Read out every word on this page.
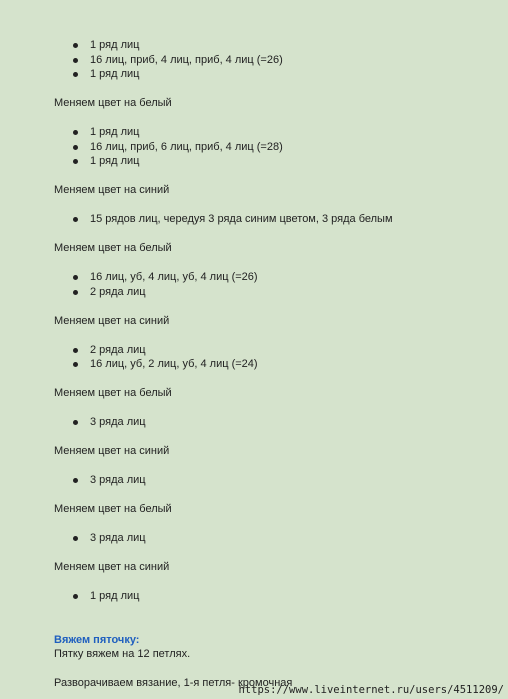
1 ряд лиц
16 лиц, приб, 4 лиц, приб, 4 лиц (=26)
1 ряд лиц
Меняем цвет на белый
1 ряд лиц
16 лиц, приб, 6 лиц, приб, 4 лиц (=28)
1 ряд лиц
Меняем цвет на синий
15 рядов лиц, чередуя 3 ряда синим цветом, 3 ряда белым
Меняем цвет на белый
16 лиц, уб, 4 лиц, уб, 4 лиц (=26)
2 ряда лиц
Меняем цвет на синий
2 ряда лиц
16 лиц, уб, 2 лиц, уб, 4 лиц (=24)
Меняем цвет на белый
3 ряда лиц
Меняем цвет на синий
3 ряда лиц
Меняем цвет на белый
3 ряда лиц
Меняем цвет на синий
1 ряд лиц
Вяжем пяточку:
Пятку вяжем на 12 петлях.
Разворачиваем вязание, 1-я петля- кромочная
https://www.liveinternet.ru/users/4511209/
